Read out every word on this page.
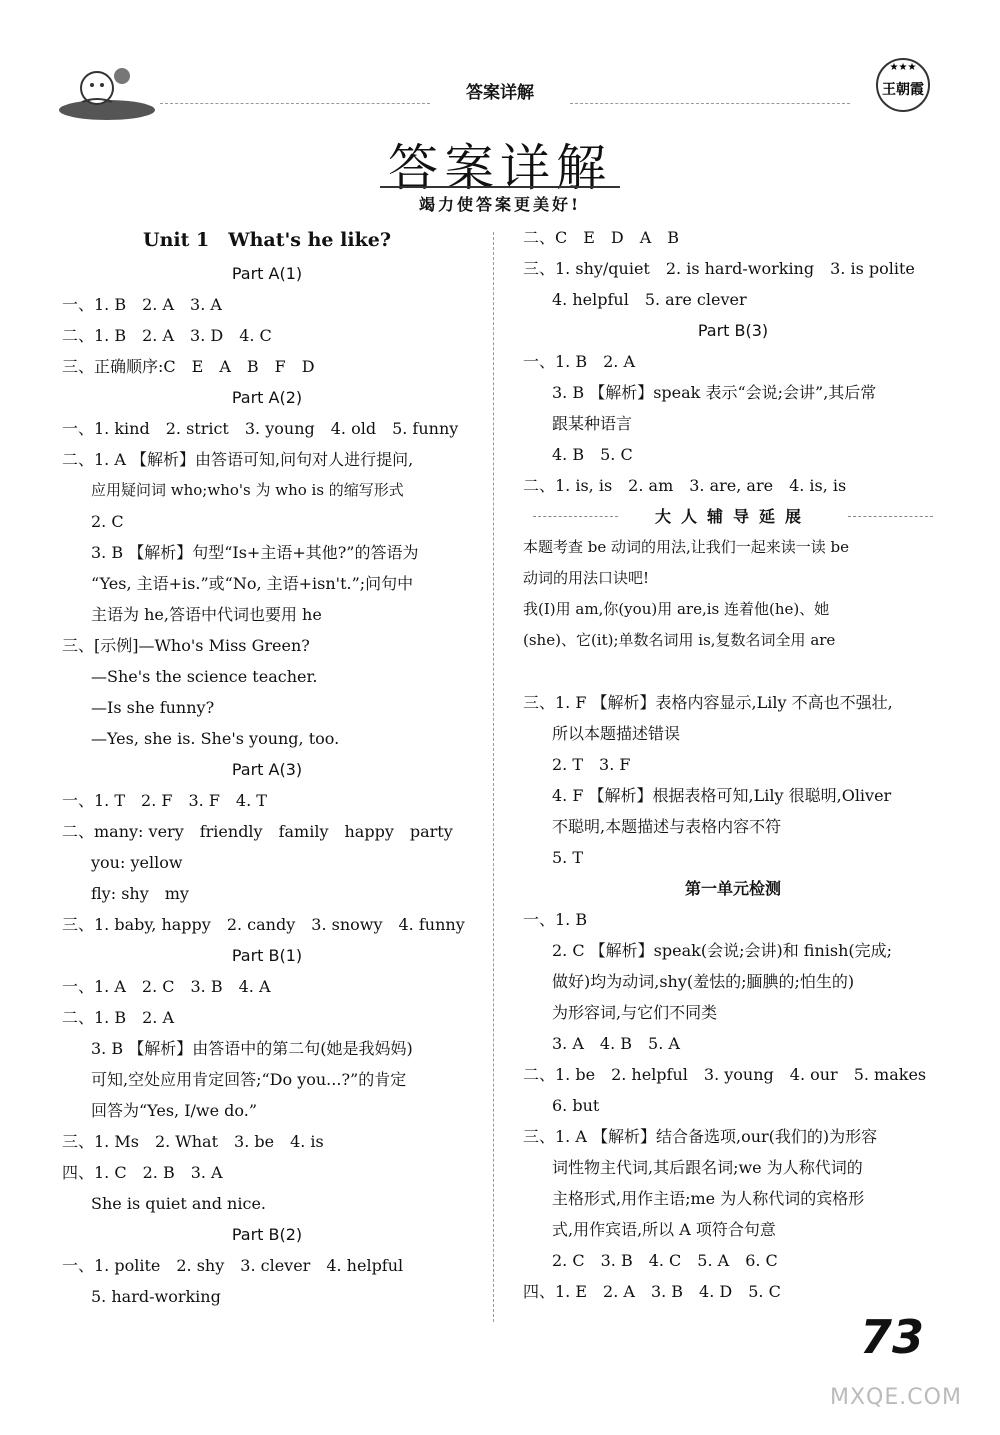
★★★
王朝霞
答案详解
答案详解
竭力使答案更美好!
Unit 1　What's he like?
Part A(1)
一、1. B　2. A　3. A
二、1. B　2. A　3. D　4. C
三、正确顺序:C　E　A　B　F　D
Part A(2)
一、1. kind　2. strict　3. young　4. old　5. funny
二、1. A 【解析】由答语可知,问句对人进行提问,
应用疑问词 who;who's 为 who is 的缩写形式
2. C
3. B 【解析】句型“Is+主语+其他?”的答语为
“Yes, 主语+is.”或“No, 主语+isn't.”;问句中
主语为 he,答语中代词也要用 he
三、[示例]—Who's Miss Green?
—She's the science teacher.
—Is she funny?
—Yes, she is. She's young, too.
Part A(3)
一、1. T　2. F　3. F　4. T
二、many: very　friendly　family　happy　party
you: yellow
fly: shy　my
三、1. baby, happy　2. candy　3. snowy　4. funny
Part B(1)
一、1. A　2. C　3. B　4. A
二、1. B　2. A
3. B 【解析】由答语中的第二句(她是我妈妈)
可知,空处应用肯定回答;“Do you...?”的肯定
回答为“Yes, I/we do.”
三、1. Ms　2. What　3. be　4. is
四、1. C　2. B　3. A
She is quiet and nice.
Part B(2)
一、1. polite　2. shy　3. clever　4. helpful
5. hard-working
二、C　E　D　A　B
三、1. shy/quiet　2. is hard-working　3. is polite
4. helpful　5. are clever
Part B(3)
一、1. B　2. A
3. B 【解析】speak 表示“会说;会讲”,其后常
跟某种语言
4. B　5. C
二、1. is, is　2. am　3. are, are　4. is, is
大人辅导延展
本题考查 be 动词的用法,让我们一起来读一读 be
动词的用法口诀吧!
我(I)用 am,你(you)用 are,is 连着他(he)、她
(she)、它(it);单数名词用 is,复数名词全用 are
三、1. F 【解析】表格内容显示,Lily 不高也不强壮,
所以本题描述错误
2. T　3. F
4. F 【解析】根据表格可知,Lily 很聪明,Oliver
不聪明,本题描述与表格内容不符
5. T
第一单元检测
一、1. B
2. C 【解析】speak(会说;会讲)和 finish(完成;
做好)均为动词,shy(羞怯的;腼腆的;怕生的)
为形容词,与它们不同类
3. A　4. B　5. A
二、1. be　2. helpful　3. young　4. our　5. makes
6. but
三、1. A 【解析】结合备选项,our(我们的)为形容
词性物主代词,其后跟名词;we 为人称代词的
主格形式,用作主语;me 为人称代词的宾格形
式,用作宾语,所以 A 项符合句意
2. C　3. B　4. C　5. A　6. C
四、1. E　2. A　3. B　4. D　5. C
73
MXQE.COM
